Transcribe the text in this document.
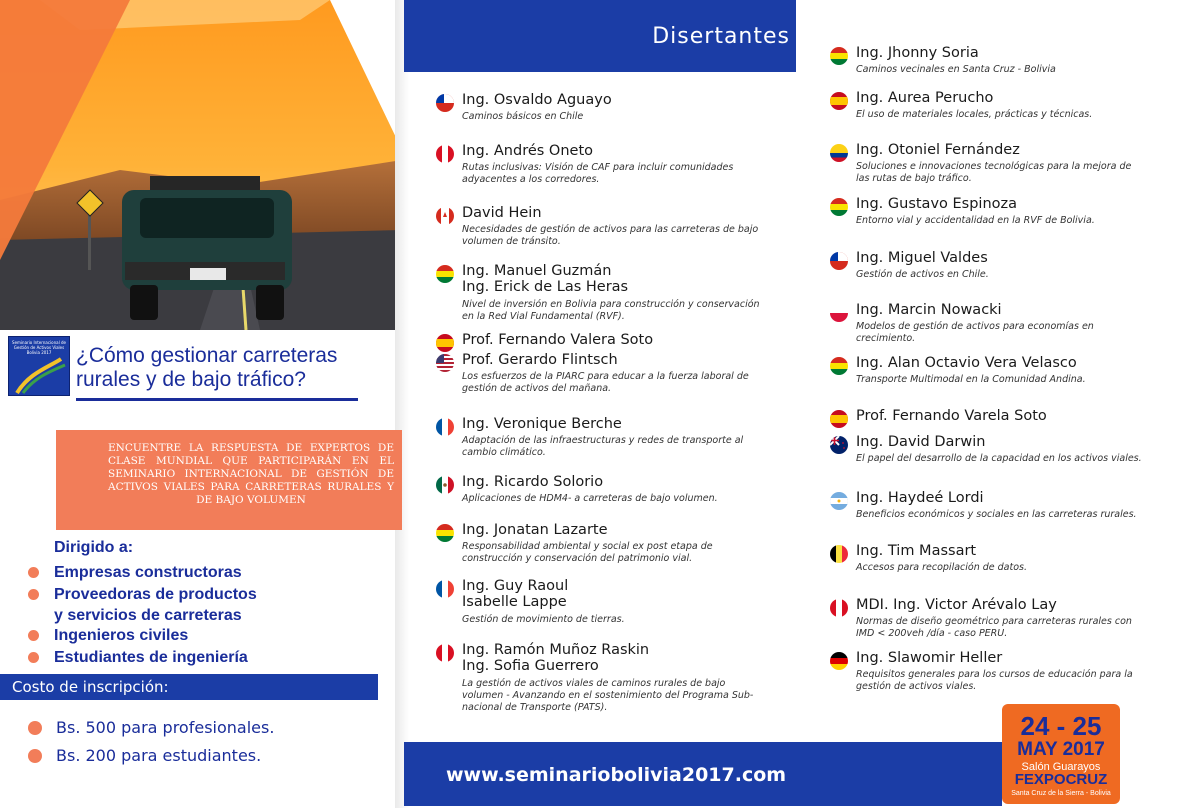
Seminario Internacional de Gestión de Activos Viales Bolivia 2017	¿Cómo gestionar carreteras rurales y de bajo tráfico?
ENCUENTRE LA RESPUESTA DE EXPERTOS DE CLASE MUNDIAL QUE PARTICIPARÁN EN EL SEMINARIO INTERNACIONAL DE GESTIÓN DE ACTIVOS VIALES PARA CARRETERAS RURALES Y DE BAJO VOLUMEN
Dirigido a:
Empresas constructoras
Proveedoras de productos
y servicios de carreteras
Ingenieros civiles
Estudiantes de ingeniería
Costo de inscripción:
Bs. 500 para profesionales.
Bs. 200 para estudiantes.
Disertantes
Ing. Osvaldo Aguayo
Caminos básicos en Chile
Ing. Andrés Oneto
Rutas inclusivas: Visión de CAF para incluir comunidades adyacentes a los corredores.
David Hein
Necesidades de gestión de activos para las carreteras de bajo volumen de tránsito.
Ing. Manuel Guzmán
Ing. Erick de Las Heras
Nivel de inversión en Bolivia para construcción y conservación en la Red Vial Fundamental (RVF).
Prof. Fernando Valera Soto
Prof. Gerardo Flintsch
Los esfuerzos de la PIARC para educar a la fuerza laboral de gestión de activos del mañana.
Ing. Veronique Berche
Adaptación de las infraestructuras y redes de transporte al cambio climático.
Ing. Ricardo Solorio
Aplicaciones de HDM4- a carreteras de bajo volumen.
Ing. Jonatan Lazarte
Responsabilidad ambiental y social ex post etapa de construcción y conservación del patrimonio vial.
Ing. Guy Raoul
Isabelle Lappe
Gestión de movimiento de tierras.
Ing. Ramón Muñoz Raskin
Ing. Sofia Guerrero
La gestión de activos viales de caminos rurales de bajo volumen - Avanzando en el sostenimiento del Programa Sub-nacional de Transporte (PATS).
Ing. Jhonny Soria
Caminos vecinales en Santa Cruz - Bolivia
Ing. Aurea Perucho
El uso de materiales locales, prácticas y técnicas.
Ing. Otoniel Fernández
Soluciones e innovaciones tecnológicas para la mejora de las rutas de bajo tráfico.
Ing. Gustavo Espinoza
Entorno vial y accidentalidad en la RVF de Bolivia.
Ing. Miguel Valdes
Gestión de activos en Chile.
Ing. Marcin Nowacki
Modelos de gestión de activos para economías en crecimiento.
Ing. Alan Octavio Vera Velasco
Transporte Multimodal en la Comunidad Andina.
Prof. Fernando Varela Soto
Ing. David Darwin
El papel del desarrollo de la capacidad en los activos viales.
Ing. Haydeé Lordi
Beneficios económicos y sociales en las carreteras rurales.
Ing. Tim Massart
Accesos para recopilación de datos.
MDI. Ing. Victor Arévalo Lay
Normas de diseño geométrico para carreteras rurales con IMD < 200veh /día - caso PERU.
Ing. Slawomir Heller
Requisitos generales para los cursos de educación para la gestión de activos viales.
www.seminariobolivia2017.com
24 - 25
MAY 2017
Salón Guarayos
FEXPOCRUZ
Santa Cruz de la Sierra - Bolivia
